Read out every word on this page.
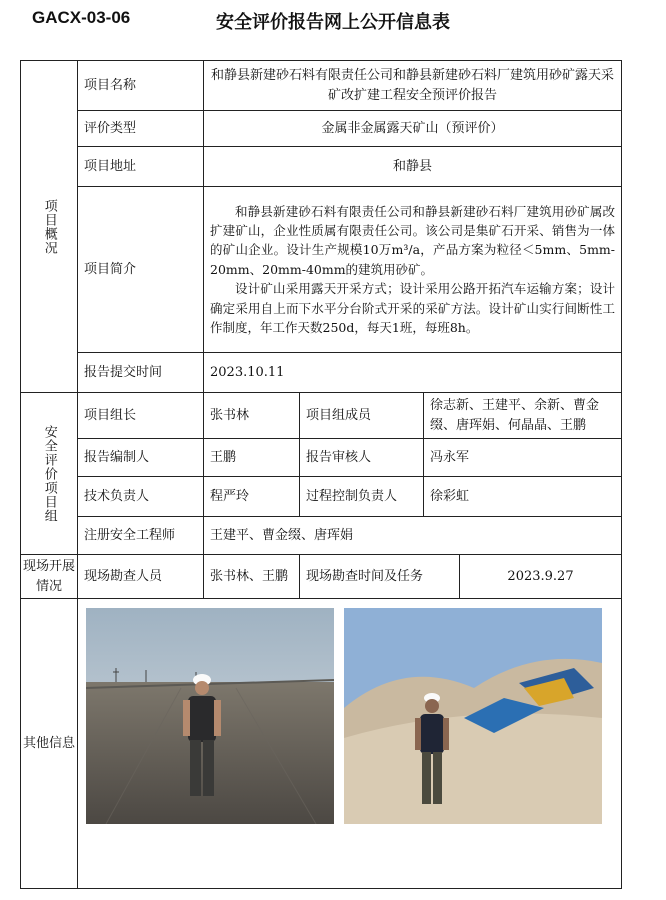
GACX-03-06	安全评价报告网上公开信息表
项目概况	项目名称	和静县新建砂石料有限责任公司和静县新建砂石料厂建筑用砂矿露天采矿改扩建工程安全预评价报告			
	评价类型	金属非金属露天矿山（预评价）			
	项目地址	和静县			
	项目简介	和静县新建砂石料有限责任公司和静县新建砂石料厂建筑用砂矿属改扩建矿山，企业性质属有限责任公司。该公司是集矿石开采、销售为一体的矿山企业。设计生产规模10万m³/a，产品方案为粒径＜5mm、5mm-20mm、20mm-40mm的建筑用砂矿。

设计矿山采用露天开采方式；设计采用公路开拓汽车运输方案；设计确定采用自上而下水平分台阶式开采的采矿方法。设计矿山实行间断性工作制度，年工作天数250d，每天1班，每班8h。			

	报告提交时间	2023.10.11			

安全评价项目组	项目组长	张书林	项目组成员	徐志新、王建平、余新、曹金缀、唐珲娟、何晶晶、王鹏	
	报告编制人	王鹏	报告审核人	冯永军	
	技术负责人	程严玲	过程控制负责人	徐彩虹	
	注册安全工程师	王建平、曹金缀、唐珲娟			
现场开展情况	现场勘查人员	张书林、王鹏	现场勘查时间及任务		2023.9.27
其他信息	
